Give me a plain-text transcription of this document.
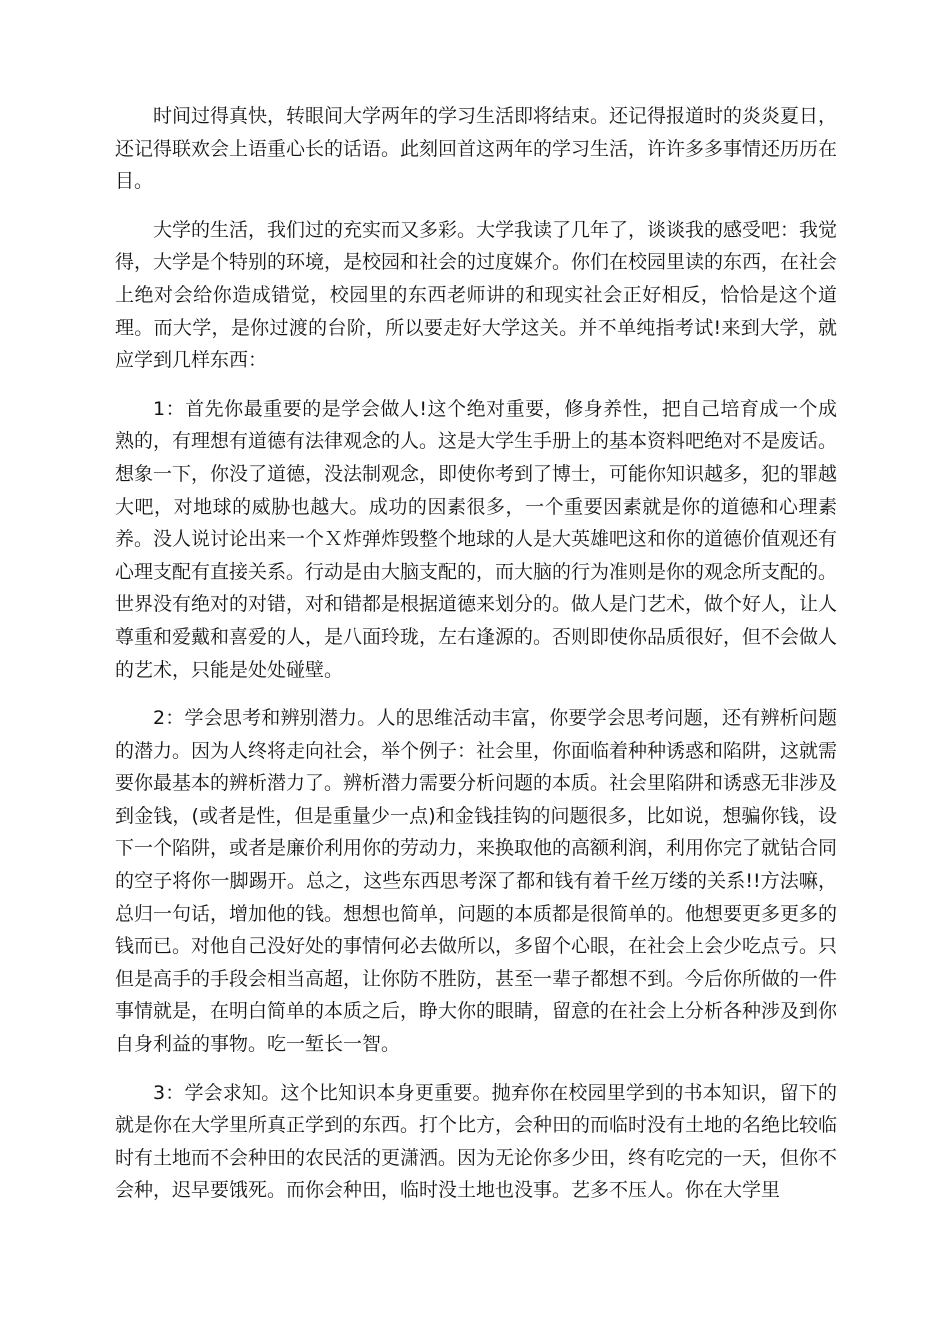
时间过得真快，转眼间大学两年的学习生活即将结束。还记得报道时的炎炎夏日，还记得联欢会上语重心长的话语。此刻回首这两年的学习生活，许许多多事情还历历在目。

大学的生活，我们过的充实而又多彩。大学我读了几年了，谈谈我的感受吧：我觉得，大学是个特别的环境，是校园和社会的过度媒介。你们在校园里读的东西，在社会上绝对会给你造成错觉，校园里的东西老师讲的和现实社会正好相反，恰恰是这个道理。而大学，是你过渡的台阶，所以要走好大学这关。并不单纯指考试!来到大学，就应学到几样东西：

1：首先你最重要的是学会做人!这个绝对重要，修身养性，把自己培育成一个成熟的，有理想有道德有法律观念的人。这是大学生手册上的基本资料吧绝对不是废话。想象一下，你没了道德，没法制观念，即使你考到了博士，可能你知识越多，犯的罪越大吧，对地球的威胁也越大。成功的因素很多，一个重要因素就是你的道德和心理素养。没人说讨论出来一个Ｘ炸弹炸毁整个地球的人是大英雄吧这和你的道德价值观还有心理支配有直接关系。行动是由大脑支配的，而大脑的行为准则是你的观念所支配的。世界没有绝对的对错，对和错都是根据道德来划分的。做人是门艺术，做个好人，让人尊重和爱戴和喜爱的人，是八面玲珑，左右逢源的。否则即使你品质很好，但不会做人的艺术，只能是处处碰壁。

2：学会思考和辨别潜力。人的思维活动丰富，你要学会思考问题，还有辨析问题的潜力。因为人终将走向社会，举个例子：社会里，你面临着种种诱惑和陷阱，这就需要你最基本的辨析潜力了。辨析潜力需要分析问题的本质。社会里陷阱和诱惑无非涉及到金钱，(或者是性，但是重量少一点)和金钱挂钩的问题很多，比如说，想骗你钱，设下一个陷阱，或者是廉价利用你的劳动力，来换取他的高额利润，利用你完了就钻合同的空子将你一脚踢开。总之，这些东西思考深了都和钱有着千丝万缕的关系!!方法嘛，总归一句话，增加他的钱。想想也简单，问题的本质都是很简单的。他想要更多更多的钱而已。对他自己没好处的事情何必去做所以，多留个心眼，在社会上会少吃点亏。只但是高手的手段会相当高超，让你防不胜防，甚至一辈子都想不到。今后你所做的一件事情就是，在明白简单的本质之后，睁大你的眼睛，留意的在社会上分析各种涉及到你自身利益的事物。吃一堑长一智。

3：学会求知。这个比知识本身更重要。抛弃你在校园里学到的书本知识，留下的就是你在大学里所真正学到的东西。打个比方，会种田的而临时没有土地的名绝比较临时有土地而不会种田的农民活的更潇洒。因为无论你多少田，终有吃完的一天，但你不会种，迟早要饿死。而你会种田，临时没土地也没事。艺多不压人。你在大学里
